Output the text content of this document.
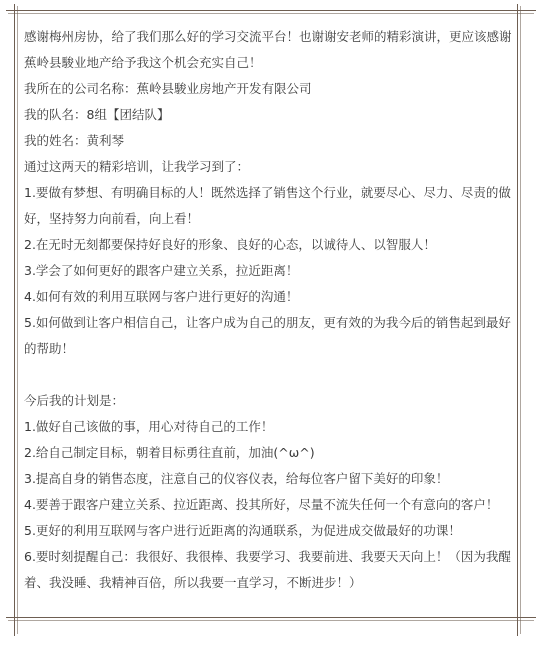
感谢梅州房协，给了我们那么好的学习交流平台！也谢谢安老师的精彩演讲，更应该感谢
蕉岭县駿业地产给予我这个机会充实自己！
我所在的公司名称：蕉岭县駿业房地产开发有限公司
我的队名：8组【团结队】
我的姓名：黄利琴
通过这两天的精彩培训，让我学习到了：
1.要做有梦想、有明确目标的人！既然选择了销售这个行业，就要尽心、尽力、尽责的做
好，坚持努力向前看，向上看！
2.在无时无刻都要保持好良好的形象、良好的心态，以诚待人、以智服人！
3.学会了如何更好的跟客户建立关系，拉近距离！
4.如何有效的利用互联网与客户进行更好的沟通！
5.如何做到让客户相信自己，让客户成为自己的朋友，更有效的为我今后的销售起到最好
的帮助！
今后我的计划是：
1.做好自己该做的事，用心对待自己的工作！
2.给自己制定目标，朝着目标勇往直前，加油(^ω^)
3.提高自身的销售态度，注意自己的仪容仪表，给每位客户留下美好的印象！
4.要善于跟客户建立关系、拉近距离、投其所好，尽量不流失任何一个有意向的客户！
5.更好的利用互联网与客户进行近距离的沟通联系，为促进成交做最好的功课！
6.要时刻提醒自己：我很好、我很棒、我要学习、我要前进、我要天天向上！（因为我醒
着、我没睡、我精神百倍，所以我要一直学习，不断进步！）
